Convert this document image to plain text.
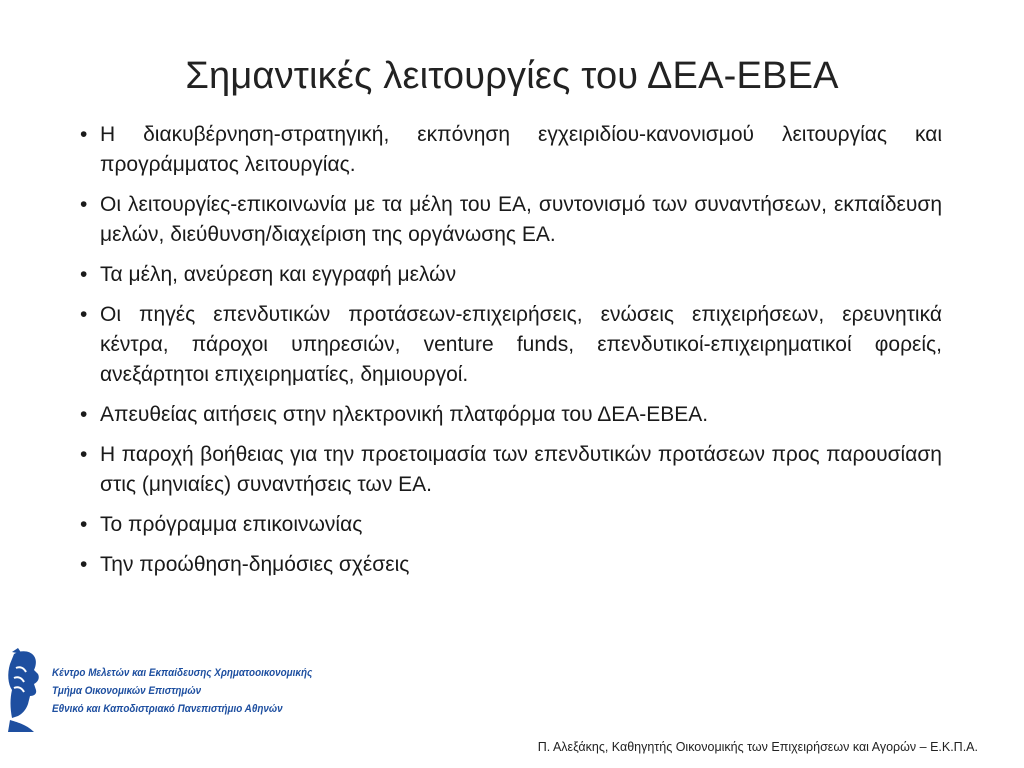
Σημαντικές λειτουργίες του ΔΕΑ-ΕΒΕΑ
• Η διακυβέρνηση-στρατηγική, εκπόνηση εγχειριδίου-κανονισμού λειτουργίας και προγράμματος λειτουργίας.
• Οι λειτουργίες-επικοινωνία με τα μέλη του ΕΑ, συντονισμό των συναντήσεων, εκπαίδευση μελών, διεύθυνση/διαχείριση της οργάνωσης ΕΑ.
• Τα μέλη, ανεύρεση και εγγραφή μελών
• Οι πηγές επενδυτικών προτάσεων-επιχειρήσεις, ενώσεις επιχειρήσεων, ερευνητικά κέντρα, πάροχοι υπηρεσιών, venture funds, επενδυτικοί-επιχειρηματικοί φορείς, ανεξάρτητοι επιχειρηματίες, δημιουργοί.
• Απευθείας αιτήσεις στην ηλεκτρονική πλατφόρμα του ΔΕΑ-ΕΒΕΑ.
• Η παροχή βοήθειας για την προετοιμασία των επενδυτικών προτάσεων προς παρουσίαση στις (μηνιαίες) συναντήσεις των ΕΑ.
• Το πρόγραμμα επικοινωνίας
• Την προώθηση-δημόσιες σχέσεις
Κέντρο Μελετών και Εκπαίδευσης Χρηματοοικονομικής
Τμήμα Οικονομικών Επιστημών
Εθνικό και Καποδιστριακό Πανεπιστήμιο Αθηνών
Π. Αλεξάκης, Καθηγητής Οικονομικής των Επιχειρήσεων και Αγορών – Ε.Κ.Π.Α.
